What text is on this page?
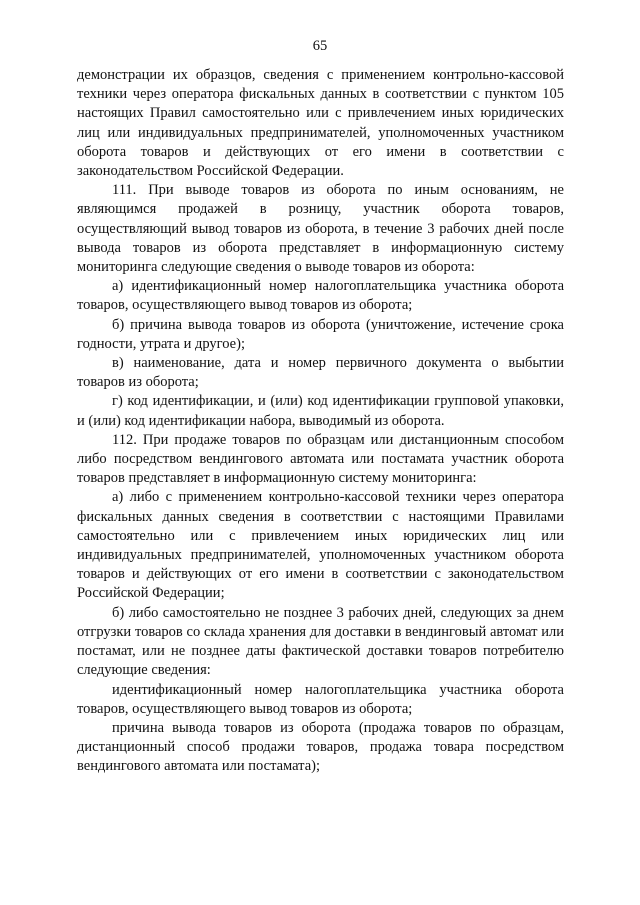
65

демонстрации их образцов, сведения с применением контрольно-кассовой техники через оператора фискальных данных в соответствии с пунктом 105 настоящих Правил самостоятельно или с привлечением иных юридических лиц или индивидуальных предпринимателей, уполномоченных участником оборота товаров и действующих от его имени в соответствии с законодательством Российской Федерации.

111. При выводе товаров из оборота по иным основаниям, не являющимся продажей в розницу, участник оборота товаров, осуществляющий вывод товаров из оборота, в течение 3 рабочих дней после вывода товаров из оборота представляет в информационную систему мониторинга следующие сведения о выводе товаров из оборота:

а) идентификационный номер налогоплательщика участника оборота товаров, осуществляющего вывод товаров из оборота;

б) причина вывода товаров из оборота (уничтожение, истечение срока годности, утрата и другое);

в) наименование, дата и номер первичного документа о выбытии товаров из оборота;

г) код идентификации, и (или) код идентификации групповой упаковки, и (или) код идентификации набора, выводимый из оборота.

112. При продаже товаров по образцам или дистанционным способом либо посредством вендингового автомата или постамата участник оборота товаров представляет в информационную систему мониторинга:

а) либо с применением контрольно-кассовой техники через оператора фискальных данных сведения в соответствии с настоящими Правилами самостоятельно или с привлечением иных юридических лиц или индивидуальных предпринимателей, уполномоченных участником оборота товаров и действующих от его имени в соответствии с законодательством Российской Федерации;

б) либо самостоятельно не позднее 3 рабочих дней, следующих за днем отгрузки товаров со склада хранения для доставки в вендинговый автомат или постамат, или не позднее даты фактической доставки товаров потребителю следующие сведения:

идентификационный номер налогоплательщика участника оборота товаров, осуществляющего вывод товаров из оборота;

причина вывода товаров из оборота (продажа товаров по образцам, дистанционный способ продажи товаров, продажа товара посредством вендингового автомата или постамата);
